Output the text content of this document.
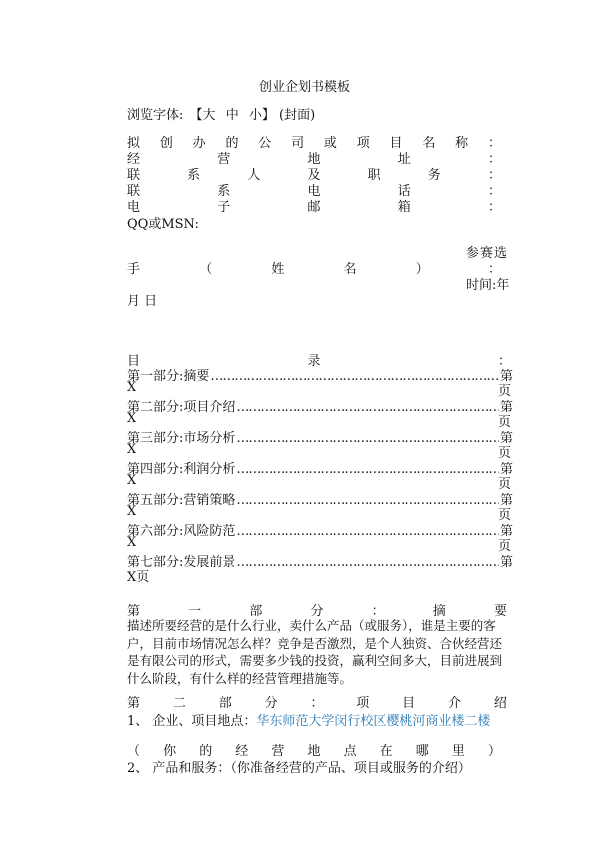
创业企划书模板
浏览字体: 【大 中 小】 (封面)
拟 创 办 的 公 司 或 项 目 名 称 ：
经	营	地	址	：
联	系	人	及	职	务	：
联	系	电	话	：
电	子	邮	箱	：
QQ或MSN:
参赛选
手	（	姓	名	）	：
时间:年
月 日
目	录	：
第一部分:摘要 ………………………………………………………………………………………………………………………………………	第
X	页
第二部分:项目介绍 ………………………………………………………………………………………………………………………………………	第
X	页
第三部分:市场分析 ………………………………………………………………………………………………………………………………………	第
X	页
第四部分:利润分析 ………………………………………………………………………………………………………………………………………	第
X	页
第五部分:营销策略 ………………………………………………………………………………………………………………………………………	第
X	页
第六部分:风险防范 ………………………………………………………………………………………………………………………………………	第
X	页
第七部分:发展前景 ………………………………………………………………………………………………………………………………………	第
X页
第	一	部	分	：	摘	要
描述所要经营的是什么行业，卖什么产品（或服务），谁是主要的客户，目前市场情况怎么样？竞争是否激烈，是个人独资、合伙经营还是有限公司的形式，需要多少钱的投资，赢利空间多大，目前进展到什么阶段，有什么样的经营管理措施等。
第	二	部	分	：	项	目	介	绍
1、 企业、项目地点：华东师范大学闵行校区樱桃河商业楼二楼
（ 你 的 经 营 地 点 在 哪 里 ）
2、 产品和服务：（你准备经营的产品、项目或服务的介绍）
